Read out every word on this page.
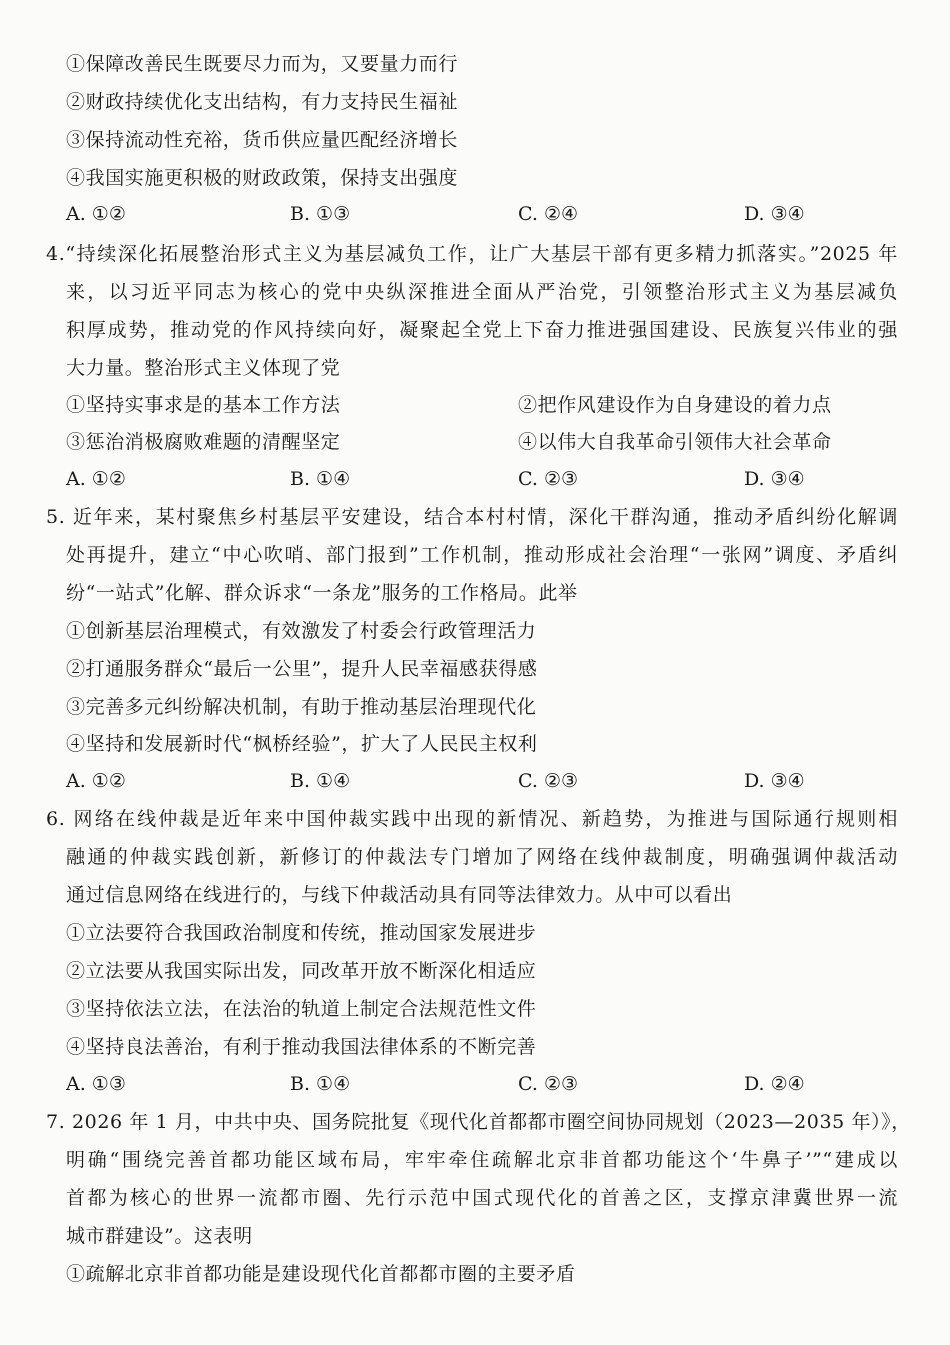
①保障改善民生既要尽力而为，又要量力而行
②财政持续优化支出结构，有力支持民生福祉
③保持流动性充裕，货币供应量匹配经济增长
④我国实施更积极的财政政策，保持支出强度
A. ①②	B. ①③	C. ②④	D. ③④
4.“持续深化拓展整治形式主义为基层减负工作，让广大基层干部有更多精力抓落实。”2025 年
来，以习近平同志为核心的党中央纵深推进全面从严治党，引领整治形式主义为基层减负
积厚成势，推动党的作风持续向好，凝聚起全党上下奋力推进强国建设、民族复兴伟业的强
大力量。整治形式主义体现了党
①坚持实事求是的基本工作方法	②把作风建设作为自身建设的着力点
③惩治消极腐败难题的清醒坚定	④以伟大自我革命引领伟大社会革命
A. ①②	B. ①④	C. ②③	D. ③④
5. 近年来，某村聚焦乡村基层平安建设，结合本村村情，深化干群沟通，推动矛盾纠纷化解调
处再提升，建立“中心吹哨、部门报到”工作机制，推动形成社会治理“一张网”调度、矛盾纠
纷“一站式”化解、群众诉求“一条龙”服务的工作格局。此举
①创新基层治理模式，有效激发了村委会行政管理活力
②打通服务群众“最后一公里”，提升人民幸福感获得感
③完善多元纠纷解决机制，有助于推动基层治理现代化
④坚持和发展新时代“枫桥经验”，扩大了人民民主权利
A. ①②	B. ①④	C. ②③	D. ③④
6. 网络在线仲裁是近年来中国仲裁实践中出现的新情况、新趋势，为推进与国际通行规则相
融通的仲裁实践创新，新修订的仲裁法专门增加了网络在线仲裁制度，明确强调仲裁活动
通过信息网络在线进行的，与线下仲裁活动具有同等法律效力。从中可以看出
①立法要符合我国政治制度和传统，推动国家发展进步
②立法要从我国实际出发，同改革开放不断深化相适应
③坚持依法立法，在法治的轨道上制定合法规范性文件
④坚持良法善治，有利于推动我国法律体系的不断完善
A. ①③	B. ①④	C. ②③	D. ②④
7. 2026 年 1 月，中共中央、国务院批复《现代化首都都市圈空间协同规划（2023—2035 年）》，
明确“围绕完善首都功能区域布局，牢牢牵住疏解北京非首都功能这个‘牛鼻子’”“建成以
首都为核心的世界一流都市圈、先行示范中国式现代化的首善之区，支撑京津冀世界一流
城市群建设”。这表明
①疏解北京非首都功能是建设现代化首都都市圈的主要矛盾
